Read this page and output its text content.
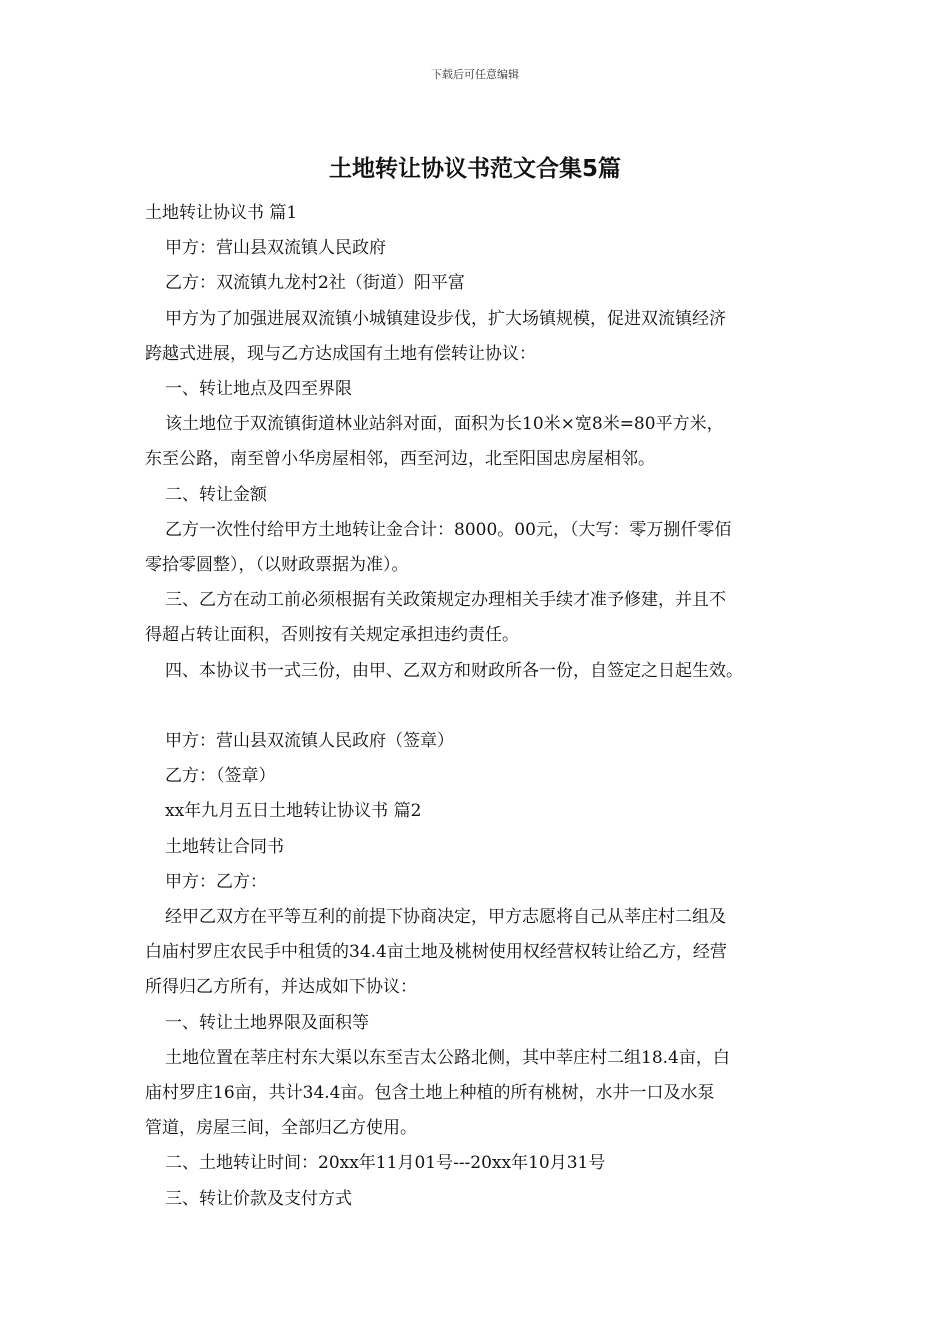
下载后可任意编辑
土地转让协议书范文合集5篇

土地转让协议书 篇1

甲方：营山县双流镇人民政府

乙方：双流镇九龙村2社（街道）阳平富

甲方为了加强进展双流镇小城镇建设步伐，扩大场镇规模，促进双流镇经济

跨越式进展，现与乙方达成国有土地有偿转让协议：

一、转让地点及四至界限

该土地位于双流镇街道林业站斜对面，面积为长10米×宽8米=80平方米，

东至公路，南至曾小华房屋相邻，西至河边，北至阳国忠房屋相邻。

二、转让金额

乙方一次性付给甲方土地转让金合计：8000。00元，（大写：零万捌仟零佰

零拾零圆整），（以财政票据为准）。

三、乙方在动工前必须根据有关政策规定办理相关手续才准予修建，并且不

得超占转让面积，否则按有关规定承担违约责任。

四、本协议书一式三份，由甲、乙双方和财政所各一份，自签定之日起生效。

甲方：营山县双流镇人民政府（签章）

乙方：（签章）

xx年九月五日土地转让协议书 篇2

土地转让合同书

甲方：乙方：

经甲乙双方在平等互利的前提下协商决定，甲方志愿将自己从莘庄村二组及

白庙村罗庄农民手中租赁的34.4亩土地及桃树使用权经营权转让给乙方，经营

所得归乙方所有，并达成如下协议：

一、转让土地界限及面积等

土地位置在莘庄村东大渠以东至吉太公路北侧，其中莘庄村二组18.4亩，白

庙村罗庄16亩，共计34.4亩。包含土地上种植的所有桃树，水井一口及水泵

管道，房屋三间，全部归乙方使用。

二、土地转让时间：20xx年11月01号---20xx年10月31号

三、转让价款及支付方式
